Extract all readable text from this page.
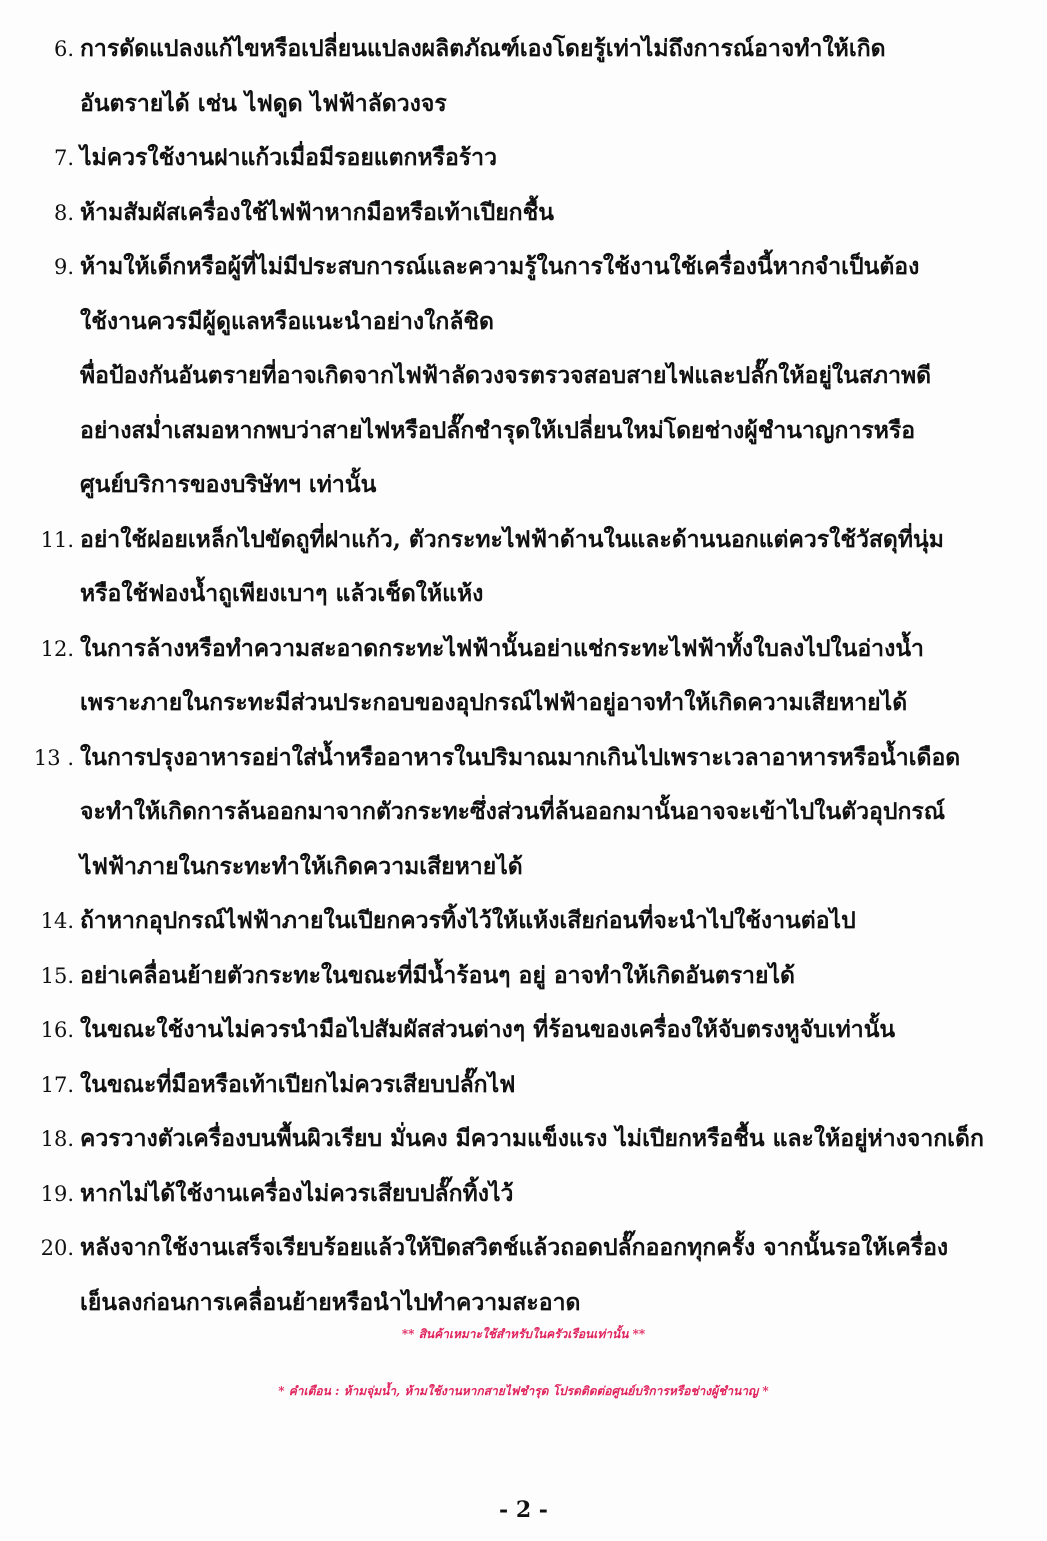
6. การดัดแปลงแก้ไขหรือเปลี่ยนแปลงผลิตภัณฑ์เองโดยรู้เท่าไม่ถึงการณ์อาจทำให้เกิด
อันตรายได้ เช่น ไฟดูด ไฟฟ้าลัดวงจร
7. ไม่ควรใช้งานฝาแก้วเมื่อมีรอยแตกหรือร้าว
8. ห้ามสัมผัสเครื่องใช้ไฟฟ้าหากมือหรือเท้าเปียกชื้น
9. ห้ามให้เด็กหรือผู้ที่ไม่มีประสบการณ์และความรู้ในการใช้งานใช้เครื่องนี้หากจำเป็นต้อง
ใช้งานควรมีผู้ดูแลหรือแนะนำอย่างใกล้ชิด
พื่อป้องกันอันตรายที่อาจเกิดจากไฟฟ้าลัดวงจรตรวจสอบสายไฟและปลั๊กให้อยู่ในสภาพดี
อย่างสม่ำเสมอหากพบว่าสายไฟหรือปลั๊กชำรุดให้เปลี่ยนใหม่โดยช่างผู้ชำนาญการหรือ
ศูนย์บริการของบริษัทฯ เท่านั้น
11. อย่าใช้ฝอยเหล็กไปขัดถูที่ฝาแก้ว, ตัวกระทะไฟฟ้าด้านในและด้านนอกแต่ควรใช้วัสดุที่นุ่ม
หรือใช้ฟองน้ำถูเพียงเบาๆ แล้วเช็ดให้แห้ง
12. ในการล้างหรือทำความสะอาดกระทะไฟฟ้านั้นอย่าแช่กระทะไฟฟ้าทั้งใบลงไปในอ่างน้ำ
เพราะภายในกระทะมีส่วนประกอบของอุปกรณ์ไฟฟ้าอยู่อาจทำให้เกิดความเสียหายได้
13 . ในการปรุงอาหารอย่าใส่น้ำหรืออาหารในปริมาณมากเกินไปเพราะเวลาอาหารหรือน้ำเดือด
จะทำให้เกิดการล้นออกมาจากตัวกระทะซึ่งส่วนที่ล้นออกมานั้นอาจจะเข้าไปในตัวอุปกรณ์
ไฟฟ้าภายในกระทะทำให้เกิดความเสียหายได้
14. ถ้าหากอุปกรณ์ไฟฟ้าภายในเปียกควรทิ้งไว้ให้แห้งเสียก่อนที่จะนำไปใช้งานต่อไป
15. อย่าเคลื่อนย้ายตัวกระทะในขณะที่มีน้ำร้อนๆ อยู่ อาจทำให้เกิดอันตรายได้
16. ในขณะใช้งานไม่ควรนำมือไปสัมผัสส่วนต่างๆ ที่ร้อนของเครื่องให้จับตรงหูจับเท่านั้น
17. ในขณะที่มือหรือเท้าเปียกไม่ควรเสียบปลั๊กไฟ
18. ควรวางตัวเครื่องบนพื้นผิวเรียบ มั่นคง มีความแข็งแรง ไม่เปียกหรือชื้น และให้อยู่ห่างจากเด็ก
19. หากไม่ได้ใช้งานเครื่องไม่ควรเสียบปลั๊กทิ้งไว้
20. หลังจากใช้งานเสร็จเรียบร้อยแล้วให้ปิดสวิตช์แล้วถอดปลั๊กออกทุกครั้ง จากนั้นรอให้เครื่อง
เย็นลงก่อนการเคลื่อนย้ายหรือนำไปทำความสะอาด
** สินค้าเหมาะใช้สำหรับในครัวเรือนเท่านั้น **
* คำเตือน : ห้ามจุ่มน้ำ, ห้ามใช้งานหากสายไฟชำรุด โปรดติดต่อศูนย์บริการหรือช่างผู้ชำนาญ *
- 2 -
